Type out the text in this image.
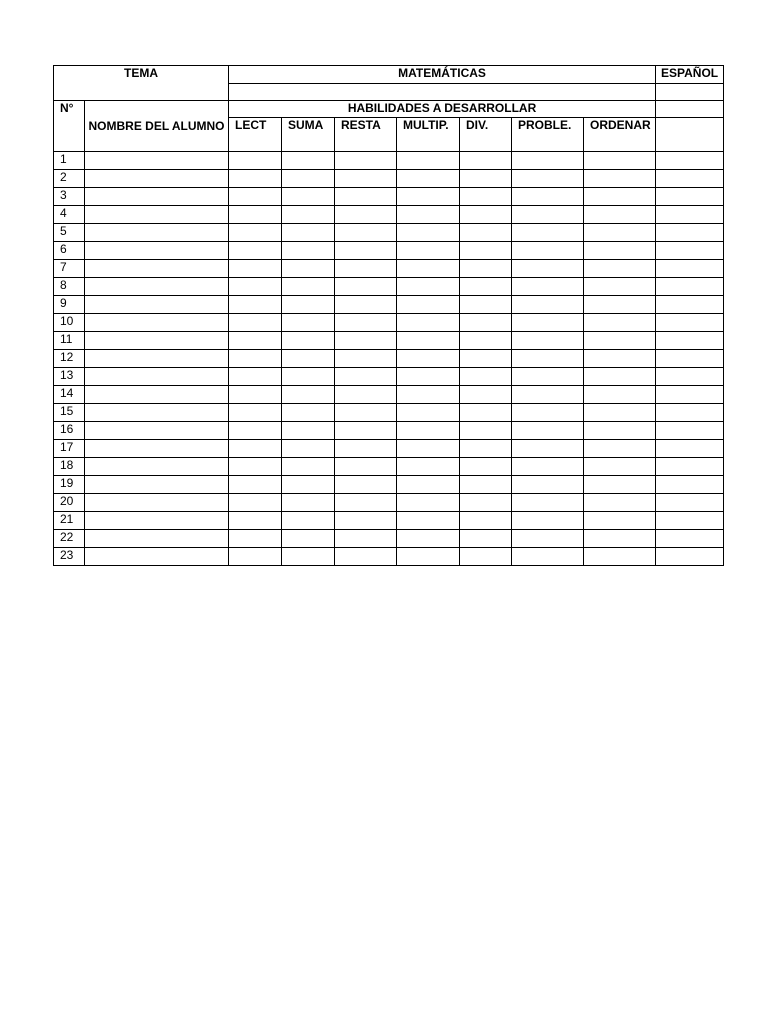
TEMA		MATEMÁTICAS							ESPAÑOL

N°	NOMBRE DEL ALUMNO	HABILIDADES A DESARROLLAR							
		LECT	SUMA	RESTA	MULTIP.	DIV.	PROBLE.	ORDENAR	
1									
2									
3									
4									
5									
6									
7									
8									
9									
10									
11									
12									
13									
14									
15									
16									
17									
18									
19									
20									
21									
22									
23									
